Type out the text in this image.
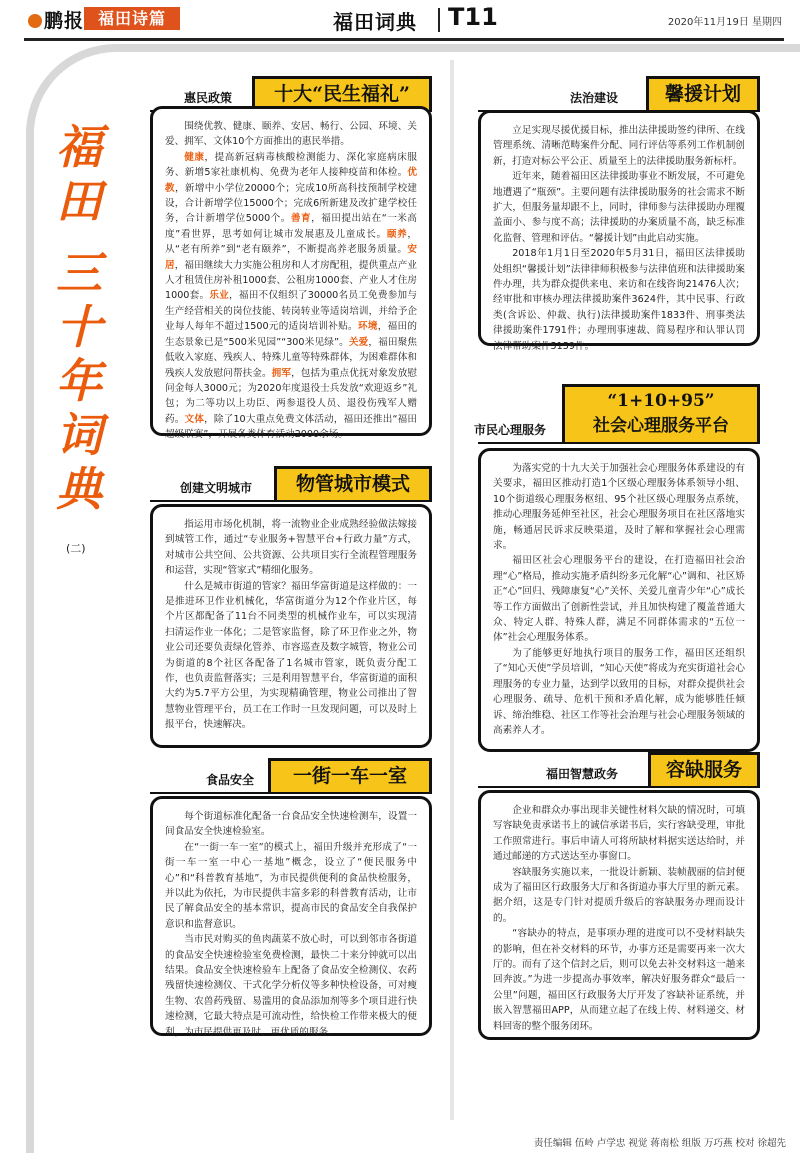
鹏报 福田诗篇	福田词典 T11	2020年11月19日 星期四
福
田
三
十
年
词
典
(二)
惠民政策	十大“民生福礼”

围绕优教、健康、颐养、安居、畅行、公园、环境、关爱、拥军、文体10个方面推出的惠民举措。

健康，提高新冠病毒核酸检测能力、深化家庭病床服务、新增5家社康机构、免费为老年人接种疫苗和体检。优教，新增中小学位20000个；完成10所高科技预制学校建设，合计新增学位15000个；完成6所新建及改扩建学校任务，合计新增学位5000个。善育，福田提出站在“一米高度”看世界，思考如何让城市发展惠及儿童成长。颐养，从“老有所养”到“老有颐养”，不断提高养老服务质量。安居，福田继续大力实施公租房和人才房配租，提供重点产业人才租赁住房补租1000套、公租房1000套、产业人才住房1000套。乐业，福田不仅组织了30000名员工免费参加与生产经营相关的岗位技能、转岗转业等适岗培训，并给予企业每人每年不超过1500元的适岗培训补贴。环境，福田的生态景象已是“500米见园”“300米见绿”。关爱，福田聚焦低收入家庭、残疾人、特殊儿童等特殊群体，为困难群体和残疾人发放慰问帮扶金。拥军，包括为重点优抚对象发放慰问金每人3000元；为2020年度退役士兵发放“欢迎返乡”礼包；为二等功以上功臣、两参退役人员、退役伤残军人赠药。文体，除了10大重点免费文体活动，福田还推出“福田超级联赛”，开展各类体育活动2000余场。

创建文明城市	物管城市模式

指运用市场化机制，将一流物业企业成熟经验做法嫁接到城管工作，通过“专业服务+智慧平台+行政力量”方式，对城市公共空间、公共资源、公共项目实行全流程管理服务和运营，实现“管家式”精细化服务。

什么是城市街道的管家？福田华富街道是这样做的：一是推进环卫作业机械化，华富街道分为12个作业片区，每个片区都配备了11台不同类型的机械作业车，可以实现清扫清运作业一体化；二是管家监督，除了环卫作业之外，物业公司还要负责绿化管养、市容巡查及数字城管，物业公司为街道的8个社区各配备了1名城市管家，既负责分配工作，也负责监督落实；三是利用智慧平台，华富街道的面积大约为5.7平方公里，为实现精确管理，物业公司推出了智慧物业管理平台，员工在工作时一旦发现问题，可以及时上报平台，快速解决。

食品安全	一街一车一室

每个街道标准化配备一台食品安全快速检测车，设置一间食品安全快速检验室。

在“一街一车一室”的模式上，福田升级并充形成了“一街一车一室一中心一基地”概念，设立了“便民服务中心”和“科普教育基地”，为市民提供便利的食品快检服务，并以此为依托，为市民提供丰富多彩的科普教育活动，让市民了解食品安全的基本常识，提高市民的食品安全自我保护意识和监督意识。

当市民对购买的鱼肉蔬菜不放心时，可以到邻市各街道的食品安全快速检验室免费检测，最快二十来分钟就可以出结果。食品安全快速检验车上配备了食品安全检测仪、农药残留快速检测仪、干式化学分析仪等多种快检设备，可对瘦生物、农兽药残留、易滥用的食品添加剂等多个项目进行快速检测，它最大特点是可流动性，给快检工作带来极大的便利，为市民提供更及时、更优质的服务。

法治建设	馨援计划

立足实现尽援优援目标，推出法律援助签约律所、在线管理系统、清晰范畴案件分配、同行评估等系列工作机制创新，打造对标公平公正、质量至上的法律援助服务新标杆。

近年来，随着福田区法律援助事业不断发展，不可避免地遭遇了“瓶颈”。主要问题有法律援助服务的社会需求不断扩大，但服务量却跟不上，同时，律师参与法律援助办理覆盖面小、参与度不高；法律援助的办案质量不高，缺乏标准化监督、管理和评估。“馨援计划”由此启动实施。

2018年1月1日至2020年5月31日，福田区法律援助处组织“馨援计划”法律律师积极参与法律值班和法律援助案件办理，共为群众提供来电、来访和在线咨询21476人次；经审批和审核办理法律援助案件3624件，其中民事、行政类(含诉讼、仲裁、执行)法律援助案件1833件、刑事类法律援助案件1791件；办理刑事速裁、简易程序和认罪认罚法律帮助案件5159件。

市民心理服务
“1+10+95”
社会心理服务平台

为落实党的十九大关于加强社会心理服务体系建设的有关要求，福田区推动打造1个区级心理服务体系领导小组、10个街道级心理服务枢纽、95个社区级心理服务点系统，推动心理服务延伸至社区，社会心理服务项目在社区落地实施，畅通居民诉求反映渠道，及时了解和掌握社会心理需求。

福田区社会心理服务平台的建设，在打造福田社会治理“心”格局，推动实施矛盾纠纷多元化解“心”调和、社区矫正“心”回归、残障康复“心”关怀、关爱儿童青少年“心”成长等工作方面做出了创新性尝试，并且加快构建了覆盖普通大众、特定人群、特殊人群，满足不同群体需求的“五位一体”社会心理服务体系。

为了能够更好地执行项目的服务工作，福田区还组织了“知心天使”学员培训，“知心天使”将成为充实街道社会心理服务的专业力量，达到学以致用的目标，对群众提供社会心理服务、疏导、危机干预和矛盾化解，成为能够胜任倾诉、缔治维稳、社区工作等社会治理与社会心理服务领域的高素养人才。

福田智慧政务	容缺服务

企业和群众办事出现非关键性材料欠缺的情况时，可填写容缺免责承诺书上的诚信承诺书后，实行容缺受理，审批工作照常进行。事后申请人可将所缺材料据实送达给时，并通过邮递的方式送达至办事窗口。

容缺服务实施以来，一批设计新颖、装帧靓丽的信封便成为了福田区行政服务大厅和各街道办事大厅里的新元素。据介绍，这是专门针对提质升级后的容缺服务办理而设计的。

“容缺办的特点，是事项办理的进度可以不受材料缺失的影响，但在补交材料的环节，办事方还是需要再来一次大厅的。而有了这个信封之后，则可以免去补交材料这一趟来回奔波。”为进一步提高办事效率，解决好服务群众“最后一公里”问题，福田区行政服务大厅开发了容缺补证系统，并嵌入智慧福田APP，从而建立起了在线上传、材料递交、材料回寄的整个服务闭环。

责任编辑 伍岭 卢学忠 视觉 蒋南松 组版 万巧燕 校对 徐超先
